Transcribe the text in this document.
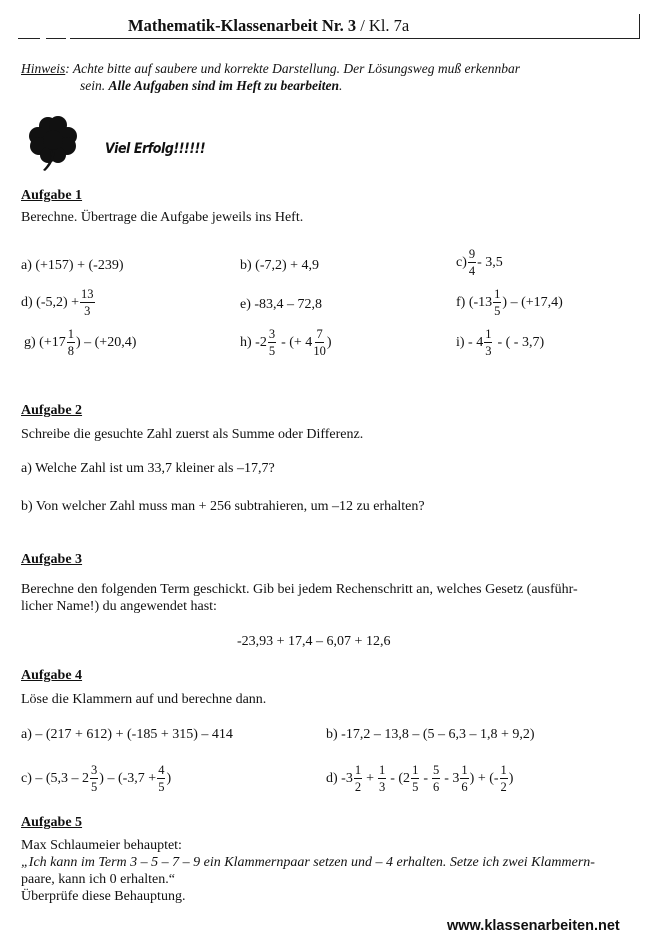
Mathematik-Klassenarbeit Nr. 3 / Kl. 7a
Hinweis: Achte bitte auf saubere und korrekte Darstellung. Der Lösungsweg muß erkennbar
sein. Alle Aufgaben sind im Heft zu bearbeiten.
Viel Erfolg!!!!!!
Aufgabe 1
Berechne. Übertrage die Aufgabe jeweils ins Heft.
a) (+157) + (-239)	b) (-7,2) + 4,9	$c) \frac{9}{4} - 3,5$
d) $(-5,2) + \frac{13}{3}$	e) -83,4 – 72,8	f) ($-13 \frac{1}{5}$ ) – (+17,4)
g) ($+17 \frac{1}{8}$ ) – (+20,4)	h) $-2 \frac{3}{5}$ - (+ $4 \frac{7}{10}$ )	$i) - 4 \frac{1}{3}$ - ( - 3,7)
Aufgabe 2
Schreibe die gesuchte Zahl zuerst als Summe oder Differenz.
a) Welche Zahl ist um 33,7 kleiner als –17,7?
b) Von welcher Zahl muss man + 256 subtrahieren, um –12 zu erhalten?
Aufgabe 3
Berechne den folgenden Term geschickt. Gib bei jedem Rechenschritt an, welches Gesetz (ausführ-
licher Name!) du angewendet hast:
-23,93 + 17,4 – 6,07 + 12,6
Aufgabe 4
Löse die Klammern auf und berechne dann.
a) – (217 + 612) + (-185 + 315) – 414	b) -17,2 – 13,8 – (5 – 6,3 – 1,8 + 9,2)
$c) - (5,3 - 2 \frac{3}{5}$ ) – ($-3,7 + \frac{4}{5}$ )	d) $-3 \frac{1}{2} + \frac{1}{3} - (2 \frac{1}{5} - \frac{5}{6} - 3 \frac{1}{6}$ ) + (- $\frac{1}{2}$ )
Aufgabe 5
Max Schlaumeier behauptet:
„Ich kann im Term 3 – 5 – 7 – 9 ein Klammernpaar setzen und – 4 erhalten. Setze ich zwei Klammern-
paare, kann ich 0 erhalten.“
Überprüfe diese Behauptung.
www.klassenarbeiten.net
